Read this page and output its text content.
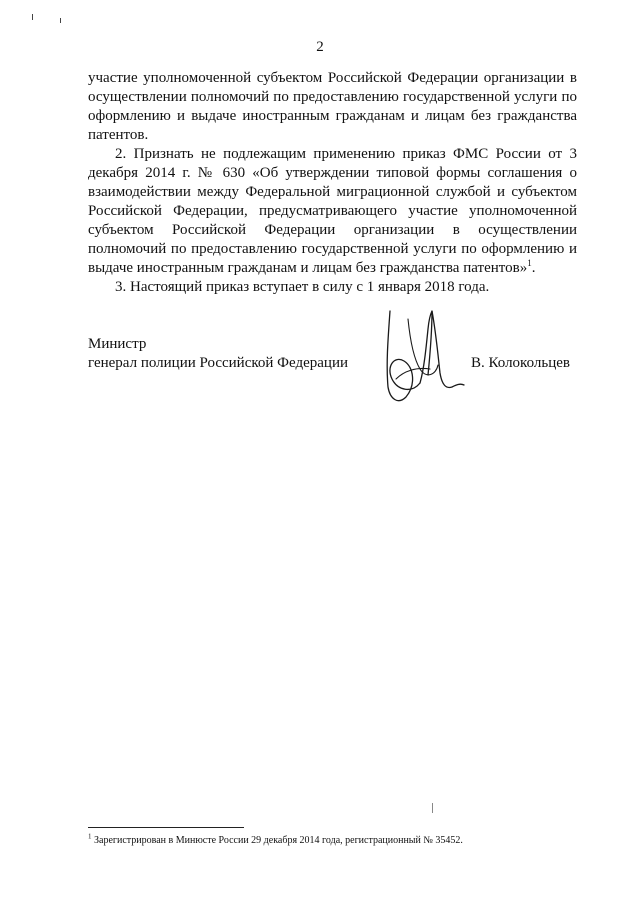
2

участие уполномоченной субъектом Российской Федерации организации в осуществлении полномочий по предоставлению государственной услуги по оформлению и выдаче иностранным гражданам и лицам без гражданства патентов.

2. Признать не подлежащим применению приказ ФМС России от 3 декабря 2014 г. № 630 «Об утверждении типовой формы соглашения о взаимодействии между Федеральной миграционной службой и субъектом Российской Федерации, предусматривающего участие уполномоченной субъектом Российской Федерации организации в осуществлении полномочий по предоставлению государственной услуги по оформлению и выдаче иностранным гражданам и лицам без гражданства патентов»$^1$.

3. Настоящий приказ вступает в силу с 1 января 2018 года.

Министр
генерал полиции Российской Федерации	В. Колокольцев
$^1$ Зарегистрирован в Минюсте России 29 декабря 2014 года, регистрационный № 35452.
